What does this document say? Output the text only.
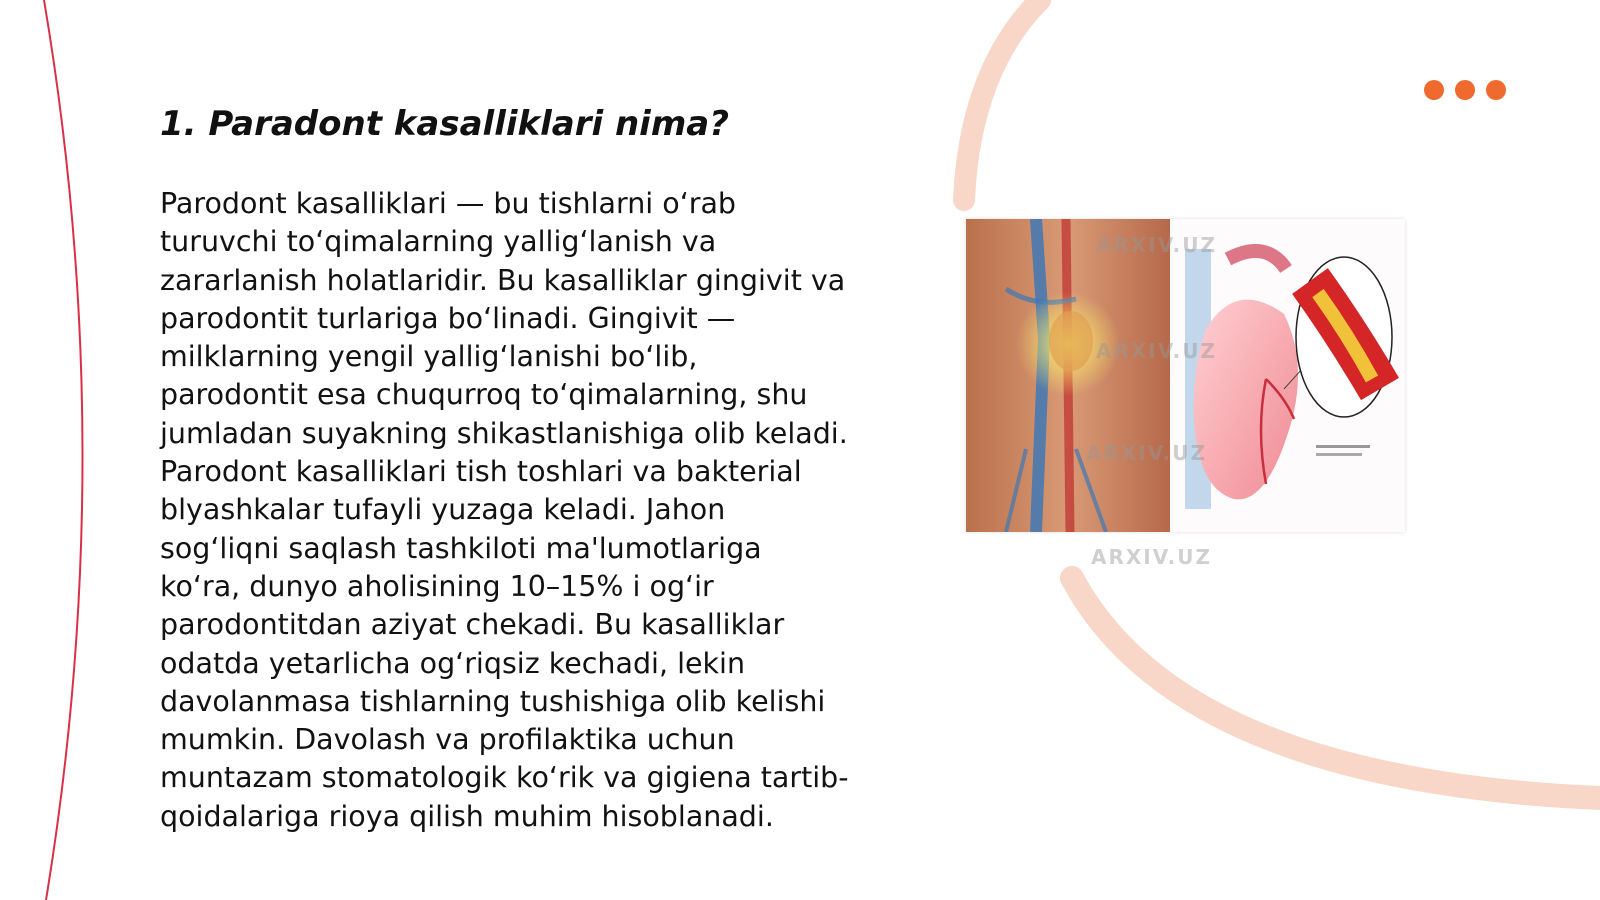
1. Paradont kasalliklari nima?

Parodont kasalliklari — bu tishlarni o‘rab turuvchi to‘qimalarning yallig‘lanish va zararlanish holatlaridir. Bu kasalliklar gingivit va parodontit turlariga bo‘linadi. Gingivit — milklarning yengil yallig‘lanishi bo‘lib, parodontit esa chuqurroq to‘qimalarning, shu jumladan suyakning shikastlanishiga olib keladi. Parodont kasalliklari tish toshlari va bakterial blyashkalar tufayli yuzaga keladi. Jahon sog‘liqni saqlash tashkiloti ma'lumotlariga ko‘ra, dunyo aholisining 10–15% i og‘ir parodontitdan aziyat chekadi. Bu kasalliklar odatda yetarlicha og‘riqsiz kechadi, lekin davolanmasa tishlarning tushishiga olib kelishi mumkin. Davolash va profilaktika uchun muntazam stomatologik ko‘rik va gigiena tartib-qoidalariga rioya qilish muhim hisoblanadi.

ARXIV.UZ
ARXIV.UZ
ARXIV.UZ
ARXIV.UZ
